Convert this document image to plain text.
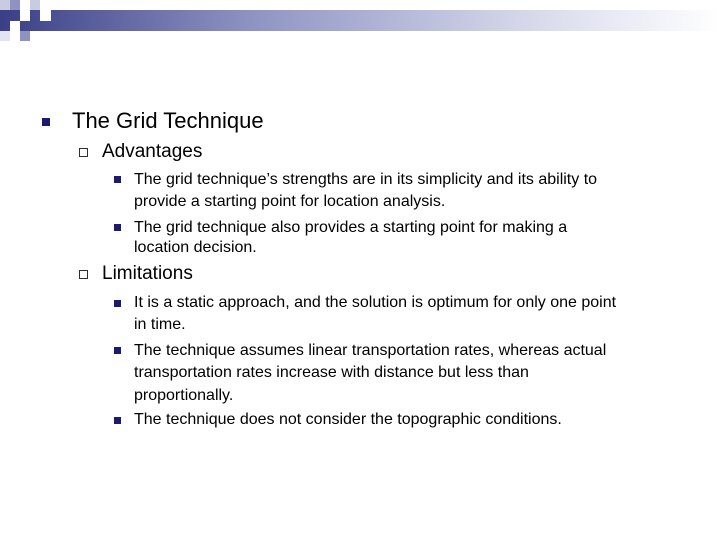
The Grid Technique
Advantages
The grid technique’s strengths are in its simplicity and its ability to
provide a starting point for location analysis.
The grid technique also provides a starting point for making a
location decision.
Limitations
It is a static approach, and the solution is optimum for only one point
in time.
The technique assumes linear transportation rates, whereas actual
transportation rates increase with distance but less than
proportionally.
The technique does not consider the topographic conditions.
